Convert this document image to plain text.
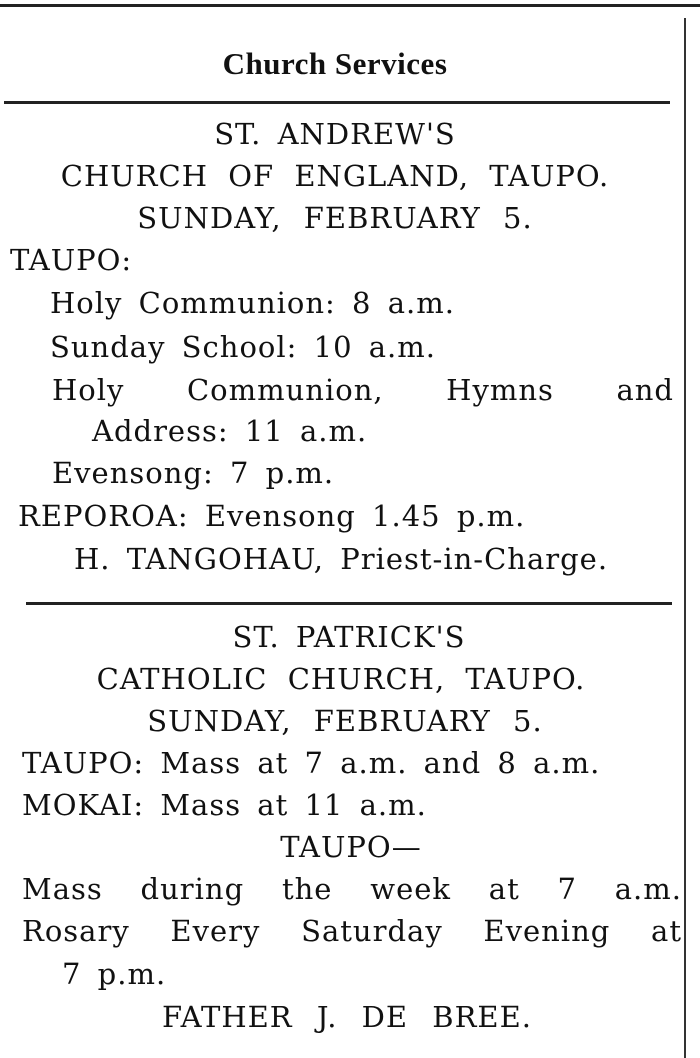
Church Services
ST. ANDREW'S
CHURCH OF ENGLAND, TAUPO.
SUNDAY, FEBRUARY 5.
TAUPO:
Holy Communion: 8 a.m.
Sunday School: 10 a.m.
Holy Communion, Hymns and
Address: 11 a.m.
Evensong: 7 p.m.
REPOROA: Evensong 1.45 p.m.
H. TANGOHAU, Priest-in-Charge.
ST. PATRICK'S
CATHOLIC CHURCH, TAUPO.
SUNDAY, FEBRUARY 5.
TAUPO: Mass at 7 a.m. and 8 a.m.
MOKAI: Mass at 11 a.m.
TAUPO—
Mass during the week at 7 a.m.
Rosary Every Saturday Evening at
7 p.m.
FATHER J. DE BREE.
